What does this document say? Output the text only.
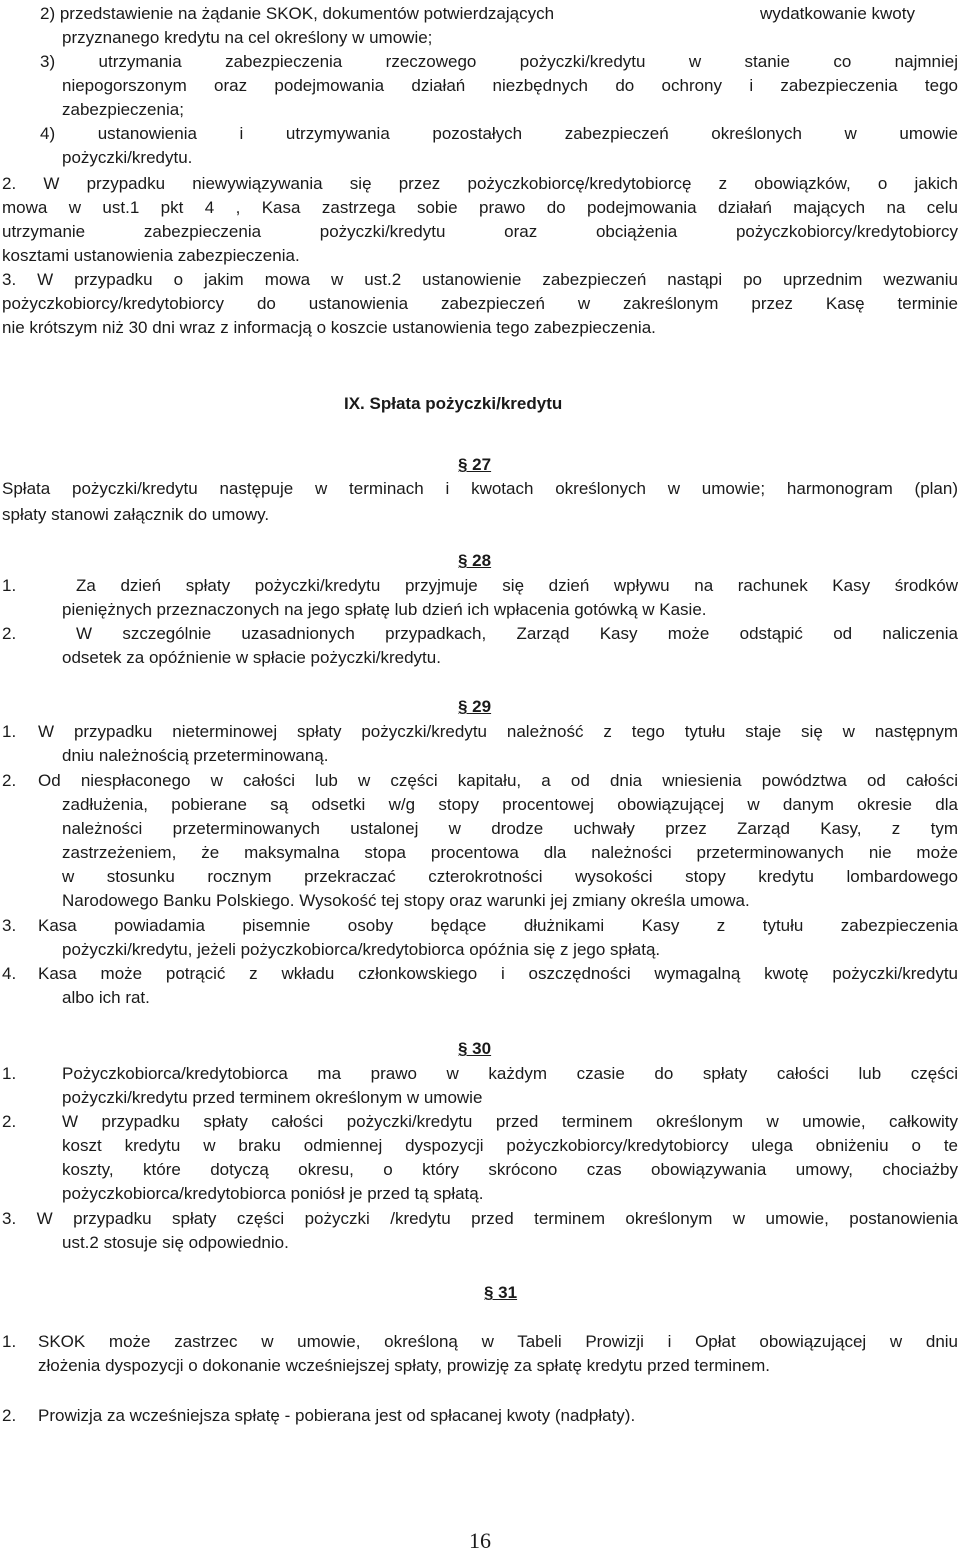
2) przedstawienie na żądanie SKOK, dokumentów potwierdzających	wydatkowanie kwoty
przyznanego kredytu na cel określony w umowie;
3) utrzymania zabezpieczenia rzeczowego pożyczki/kredytu w stanie co najmniej
niepogorszonym oraz podejmowania działań niezbędnych do ochrony i zabezpieczenia tego
zabezpieczenia;
4) ustanowienia i utrzymywania pozostałych zabezpieczeń określonych w umowie
pożyczki/kredytu.
2. W przypadku niewywiązywania się przez pożyczkobiorcę/kredytobiorcę z obowiązków, o jakich
mowa w ust.1 pkt 4 , Kasa zastrzega sobie prawo do podejmowania działań mających na celu
utrzymanie zabezpieczenia pożyczki/kredytu oraz obciążenia pożyczkobiorcy/kredytobiorcy
kosztami ustanowienia zabezpieczenia.
3. W przypadku o jakim mowa w ust.2 ustanowienie zabezpieczeń nastąpi po uprzednim wezwaniu
pożyczkobiorcy/kredytobiorcy do ustanowienia zabezpieczeń w zakreślonym przez Kasę terminie
nie krótszym niż 30 dni wraz z informacją o koszcie ustanowienia tego zabezpieczenia.
IX. Spłata pożyczki/kredytu
§ 27
Spłata pożyczki/kredytu następuje w terminach i kwotach określonych w umowie; harmonogram (plan)
spłaty stanowi załącznik do umowy.
§ 28
1.	Za dzień spłaty pożyczki/kredytu przyjmuje się dzień wpływu na rachunek Kasy środków
pieniężnych przeznaczonych na jego spłatę lub dzień ich wpłacenia gotówką w Kasie.
2.	W szczególnie uzasadnionych przypadkach, Zarząd Kasy może odstąpić od naliczenia
odsetek za opóźnienie w spłacie pożyczki/kredytu.
§ 29
1. W przypadku nieterminowej spłaty pożyczki/kredytu należność z tego tytułu staje się w następnym
dniu należnością przeterminowaną.
2. Od niespłaconego w całości lub w części kapitału, a od dnia wniesienia powództwa od całości
zadłużenia, pobierane są odsetki w/g stopy procentowej obowiązującej w danym okresie dla
należności przeterminowanych ustalonej w drodze uchwały przez Zarząd Kasy, z tym
zastrzeżeniem, że maksymalna stopa procentowa dla należności przeterminowanych nie może
w stosunku rocznym przekraczać czterokrotności wysokości stopy kredytu lombardowego
Narodowego Banku Polskiego. Wysokość tej stopy oraz warunki jej zmiany określa umowa.
3. Kasa powiadamia pisemnie osoby będące dłużnikami Kasy z tytułu zabezpieczenia
pożyczki/kredytu, jeżeli pożyczkobiorca/kredytobiorca opóźnia się z jego spłatą.
4. Kasa może potrącić z wkładu członkowskiego i oszczędności wymagalną kwotę pożyczki/kredytu
albo ich rat.
§ 30
1.	Pożyczkobiorca/kredytobiorca ma prawo w każdym czasie do spłaty całości lub części
pożyczki/kredytu przed terminem określonym w umowie
2.	W przypadku spłaty całości pożyczki/kredytu przed terminem określonym w umowie, całkowity
koszt kredytu w braku odmiennej dyspozycji pożyczkobiorcy/kredytobiorcy ulega obniżeniu o te
koszty, które dotyczą okresu, o który skrócono czas obowiązywania umowy, chociażby
pożyczkobiorca/kredytobiorca poniósł je przed tą spłatą.
3. W przypadku spłaty części pożyczki /kredytu przed terminem określonym w umowie, postanowienia
ust.2 stosuje się odpowiednio.
§ 31
1. SKOK może zastrzec w umowie, określoną w Tabeli Prowizji i Opłat obowiązującej w dniu
złożenia dyspozycji o dokonanie wcześniejszej spłaty, prowizję za spłatę kredytu przed terminem.
2. Prowizja za wcześniejsza spłatę - pobierana jest od spłacanej kwoty (nadpłaty).
16
